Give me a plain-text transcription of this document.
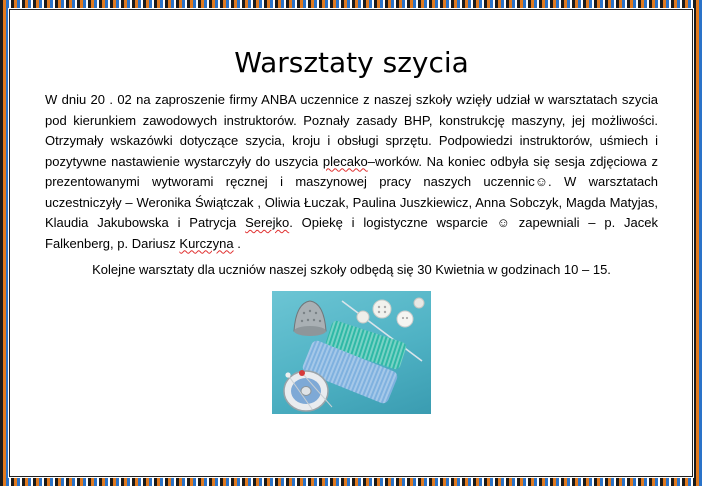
Warsztaty szycia

W dniu 20 . 02 na zaproszenie firmy ANBA uczennice z naszej szkoły wzięły udział w warsztatach szycia pod kierunkiem zawodowych instruktorów. Poznały zasady BHP, konstrukcję maszyny, jej możliwości. Otrzymały wskazówki dotyczące szycia, kroju i obsługi sprzętu. Podpowiedzi instruktorów, uśmiech i pozytywne nastawienie wystarczyły do uszycia plecako–worków. Na koniec odbyła się sesja zdjęciowa z prezentowanymi wytworami ręcznej i maszynowej pracy naszych uczennic☺. W warsztatach uczestniczyły – Weronika Świątczak , Oliwia Łuczak, Paulina Juszkiewicz, Anna Sobczyk, Magda Matyjas, Klaudia Jakubowska i Patrycja Serejko. Opiekę i logistyczne wsparcie ☺ zapewniali – p. Jacek Falkenberg, p. Dariusz Kurczyna .

Kolejne warsztaty dla uczniów naszej szkoły odbędą się 30 Kwietnia w godzinach 10 – 15.
